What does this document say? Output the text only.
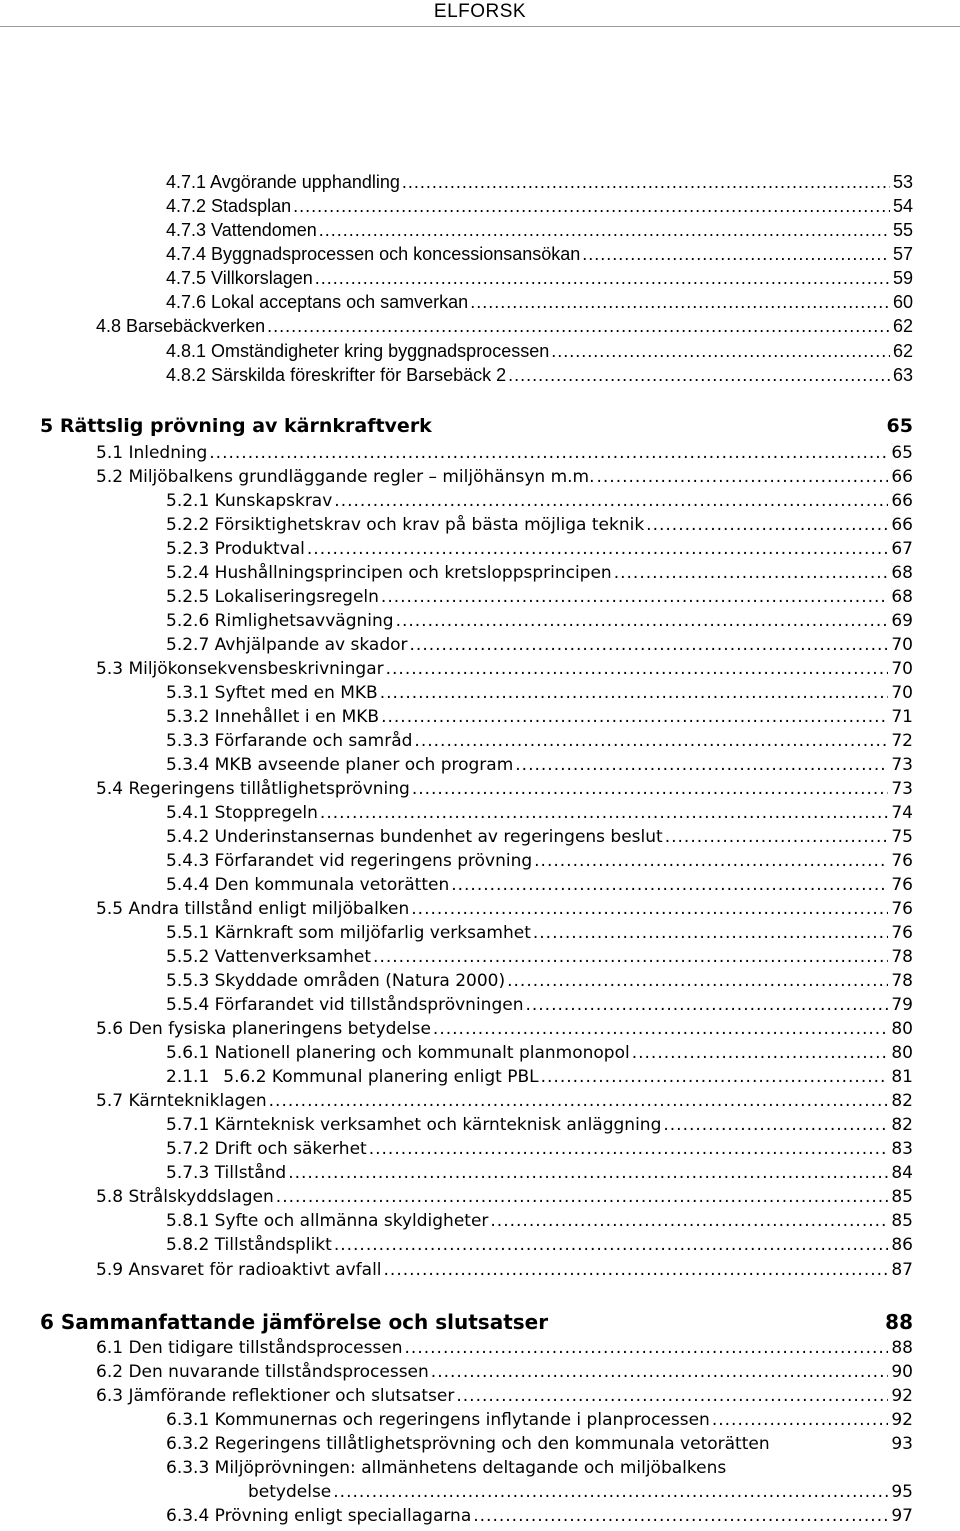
ELFORSK
4.7.1 Avgörande upphandling .....	53
4.7.2 Stadsplan .....	54
4.7.3 Vattendomen .....	55
4.7.4 Byggnadsprocessen och koncessionsansökan .....	57
4.7.5 Villkorslagen .....	59
4.7.6 Lokal acceptans och samverkan .....	60
4.8 Barsebäckverken .....	62
4.8.1 Omständigheter kring byggnadsprocessen .....	62
4.8.2 Särskilda föreskrifter för Barsebäck 2 .....	63
5 Rättslig prövning av kärnkraftverk	65
5.1 Inledning .....	65
5.2 Miljöbalkens grundläggande regler – miljöhänsyn m.m. .....	66
5.2.1 Kunskapskrav .....	66
5.2.2 Försiktighetskrav och krav på bästa möjliga teknik .....	66
5.2.3 Produktval .....	67
5.2.4 Hushållningsprincipen och kretsloppsprincipen .....	68
5.2.5 Lokaliseringsregeln .....	68
5.2.6 Rimlighetsavvägning .....	69
5.2.7 Avhjälpande av skador .....	70
5.3 Miljökonsekvensbeskrivningar .....	70
5.3.1 Syftet med en MKB .....	70
5.3.2 Innehållet i en MKB .....	71
5.3.3 Förfarande och samråd .....	72
5.3.4 MKB avseende planer och program .....	73
5.4 Regeringens tillåtlighetsprövning .....	73
5.4.1 Stoppregeln .....	74
5.4.2 Underinstansernas bundenhet av regeringens beslut .....	75
5.4.3 Förfarandet vid regeringens prövning .....	76
5.4.4 Den kommunala vetorätten .....	76
5.5 Andra tillstånd enligt miljöbalken .....	76
5.5.1 Kärnkraft som miljöfarlig verksamhet .....	76
5.5.2 Vattenverksamhet .....	78
5.5.3 Skyddade områden (Natura 2000) .....	78
5.5.4 Förfarandet vid tillståndsprövningen .....	79
5.6 Den fysiska planeringens betydelse .....	80
5.6.1 Nationell planering och kommunalt planmonopol .....	80
2.1.1 5.6.2 Kommunal planering enligt PBL .....	81
5.7 Kärntekniklagen .....	82
5.7.1 Kärnteknisk verksamhet och kärnteknisk anläggning .....	82
5.7.2 Drift och säkerhet .....	83
5.7.3 Tillstånd .....	84
5.8 Strålskyddslagen .....	85
5.8.1 Syfte och allmänna skyldigheter .....	85
5.8.2 Tillståndsplikt .....	86
5.9 Ansvaret för radioaktivt avfall .....	87
6 Sammanfattande jämförelse och slutsatser	88
6.1 Den tidigare tillståndsprocessen .....	88
6.2 Den nuvarande tillståndsprocessen .....	90
6.3 Jämförande reflektioner och slutsatser .....	92
6.3.1 Kommunernas och regeringens inflytande i planprocessen .....	92
6.3.2 Regeringens tillåtlighetsprövning och den kommunala vetorätten	93
6.3.3 Miljöprövningen: allmänhetens deltagande och miljöbalkens
betydelse .....	95
6.3.4 Prövning enligt speciallagarna .....	97
